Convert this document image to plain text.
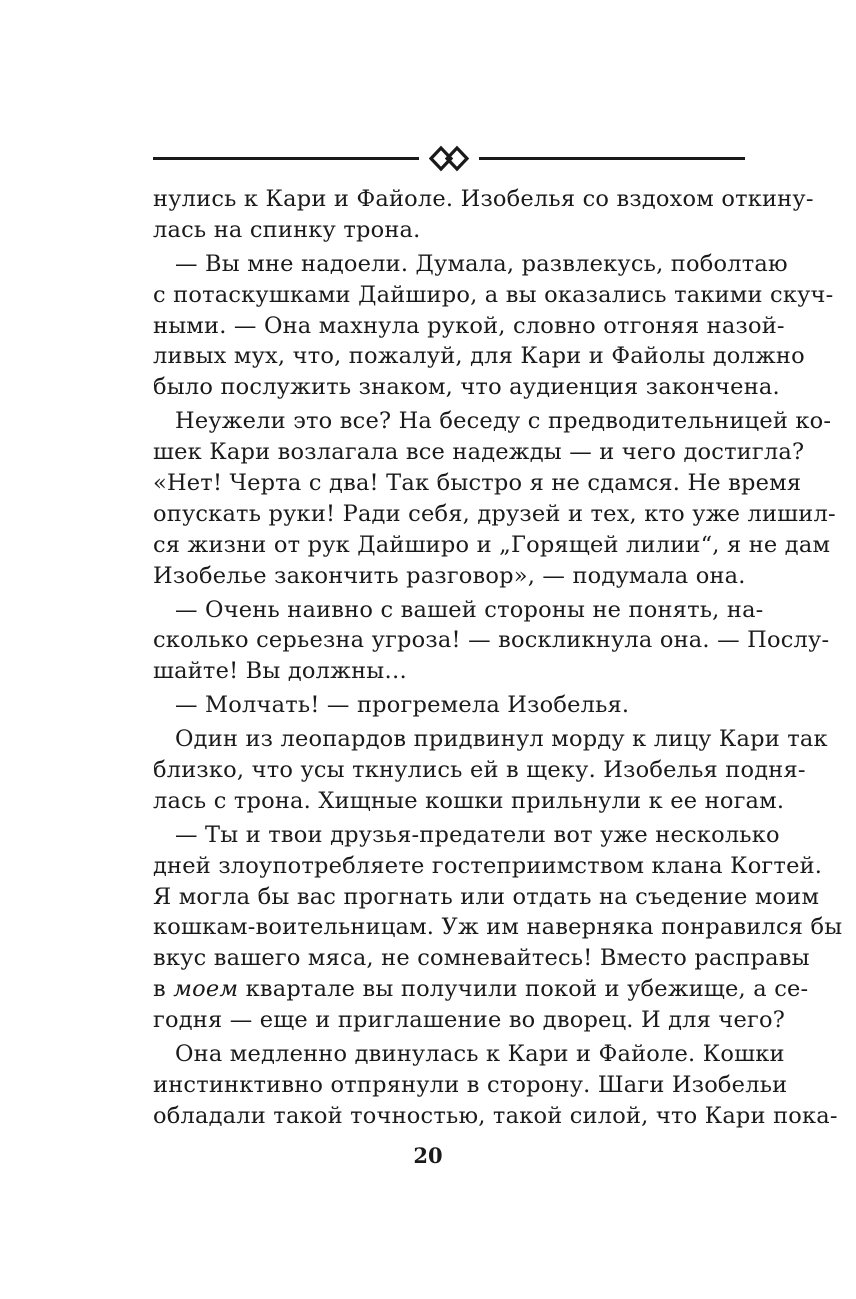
нулись к Кари и Файоле. Изобелья со вздохом откину-
лась на спинку трона.
— Вы мне надоели. Думала, развлекусь, поболтаю
с потаскушками Дайширо, а вы оказались такими скуч-
ными. — Она махнула рукой, словно отгоняя назой-
ливых мух, что, пожалуй, для Кари и Файолы должно
было послужить знаком, что аудиенция закончена.
Неужели это все? На беседу с предводительницей ко-
шек Кари возлагала все надежды — и чего достигла?
«Нет! Черта с два! Так быстро я не сдамся. Не время
опускать руки! Ради себя, друзей и тех, кто уже лишил-
ся жизни от рук Дайширо и „Горящей лилии“, я не дам
Изобелье закончить разговор», — подумала она.
— Очень наивно с вашей стороны не понять, на-
сколько серьезна угроза! — воскликнула она. — Послу-
шайте! Вы должны…
— Молчать! — прогремела Изобелья.
Один из леопардов придвинул морду к лицу Кари так
близко, что усы ткнулись ей в щеку. Изобелья подня-
лась с трона. Хищные кошки прильнули к ее ногам.
— Ты и твои друзья-предатели вот уже несколько
дней злоупотребляете гостеприимством клана Когтей.
Я могла бы вас прогнать или отдать на съедение моим
кошкам-воительницам. Уж им наверняка понравился бы
вкус вашего мяса, не сомневайтесь! Вместо расправы
в моем квартале вы получили покой и убежище, а се-
годня — еще и приглашение во дворец. И для чего?
Она медленно двинулась к Кари и Файоле. Кошки
инстинктивно отпрянули в сторону. Шаги Изобельи
обладали такой точностью, такой силой, что Кари пока-
20
